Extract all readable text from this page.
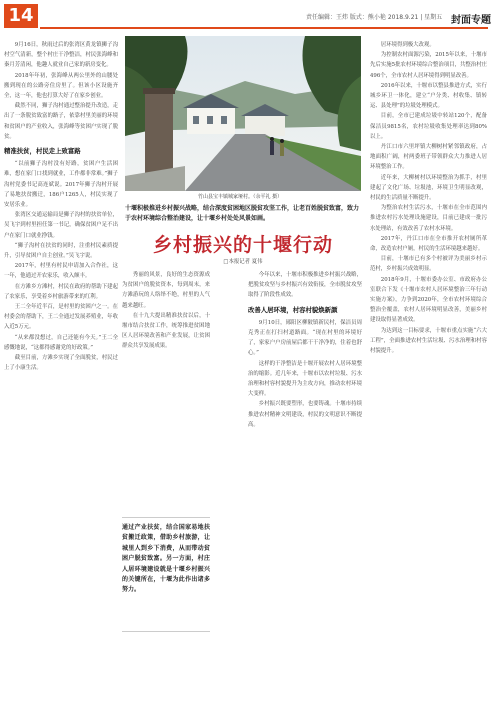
14	责任编辑：王炜 版式：熊小艳 2018.9.21 | 星期五 封面专题

9月16日，秋雨过后的张湾区黄龙镇狮子沟村空气清新，整个村庄干净整洁，村民张海峰和秦月芳清闲，他趣人就业自己家的新房变化。

2018年年初，张海峰从两公里外的山腰处搬到现在的公路旁住房里了。但该小区设施齐全，这一年，他也打算大好了在家乡创业。

截然不同，狮子沟村通过整治提升改造，走出了一条脱贫致富的路子，依靠村里美丽的环境和贫困户的产业收入，张海峰等贫困户实现了脱贫。

精准扶贫，村民走上致富路

“以前狮子沟村没有好路，贫困户生活困难，想在家门口找到就业，工作都非常难。”狮子沟村党委书记高连斌说。2017年狮子沟村开展了易地扶贫搬迁，186户1265人，村民实现了安居乐业。

张湾区交通运输局是狮子沟村的扶贫单位，吴飞宇到村里担任第一书记，确保贫困户足不出户在家门口就业挣钱。

“狮子沟村在扶贫的同时，注重村民素质提升，引导贫困户自主创业。”吴飞宇说。

2017年，村里有村民申请加入合作社，这一年，他通过开农家乐，收入颇丰。

在方滩乡方滩村，村民在政府的帮助下建起了农家乐，享受着乡村旅游带来的红利。

王二全年近半百，是村里的贫困户之一。在村委会的帮助下，王二全通过发展养殖业，年收入近5万元。

“从来都没想过，自己还能有今天。”王二全感慨地说，“这都得感谢党的好政策。”

截至目前，方滩乡实现了全面脱贫，村民过上了小康生活。

竹山县宝丰镇城家垭村。（余平礼 摄）
十堰积极推进乡村振兴战略，结合深度贫困地区脱贫攻坚工作，让老百姓脱贫致富，致力于农村环境综合整治建设，让十堰乡村处处风景如画。
乡村振兴的十堰行动
□本报记者 夏伟

秀丽的风景，良好的生态资源成为贫困户的脱贫资本，每到周末，来方滩游玩的人络绎不绝，村里的人气越来越旺。

在十九大提出精准扶贫以后，十堰市结合扶贫工作，统筹推进贫困地区人居环境改善和产业发展，让贫困群众共享发展成果。

通过产业扶贫，结合国家易地扶贫搬迁政策，借助乡村旅游，让城里人到乡下消费，从而带动贫困户脱贫致富。另一方面，村庄人居环境建设就是十堰乡村振兴的关键所在，十堰为此作出诸多努力。

今年以来，十堰市积极推进乡村振兴战略，把脱贫攻坚与乡村振兴有效衔接，全市脱贫攻坚取得了阶段性成效。

改善人居环境，村容村貌焕新颜

9月10日，郧阳区柳陂镇新民村，保洁员周克秀正在打扫村道路面。“现在村里的环境好了，家家户户房前屋后都干干净净的，住着也舒心。”

这样的干净整洁是十堰开展农村人居环境整治的缩影。近几年来，十堰市以农村垃圾、污水治理和村容村貌提升为主攻方向，推动农村环境大变样。

乡村振兴既要塑形，也要铸魂。十堰市持续推进农村精神文明建设，村民的文明意识不断提高。

居环境得到极大改观。

为控制农村面源污染，2015年以来，十堰市先后实施5批农村环境综合整治项目，共整治村庄496个，全市农村人居环境得到明显改善。

2016年以来，十堰市以整县推进方式，实行城乡环卫一体化，建立“户分类、村收集、镇转运、县处理”的垃圾处理模式。

目前，全市已建成垃圾中转站120个，配备保洁员9815名，农村垃圾收集处理率达到80%以上。

丹江口市六里坪镇大柳树村紧邻镇政府，占地面积广阔，村两委班子带领群众大力推进人居环境整治工作。

近年来，大柳树村以环境整治为抓手，村里建起了文化广场、垃圾池，环境卫生明显改观，村民的生活质量不断提升。

为整治农村生活污水，十堰市在全市范围内推进农村污水处理设施建设，目前已建成一批污水处理站，有效改善了农村水环境。

2017年，丹江口市在全市推开农村厕所革命，改造农村户厕，村民的生活环境越来越好。

目前，十堰市已有多个村被评为美丽乡村示范村，乡村振兴成效明显。

2018年9月，十堰市委办公室、市政府办公室联合下发《十堰市农村人居环境整治三年行动实施方案》，力争到2020年，全市农村环境综合整治全覆盖，农村人居环境明显改善，美丽乡村建设取得显著成效。

为达到这一目标要求，十堰市重点实施“六大工程”，全面推进农村生活垃圾、污水治理和村容村貌提升。
